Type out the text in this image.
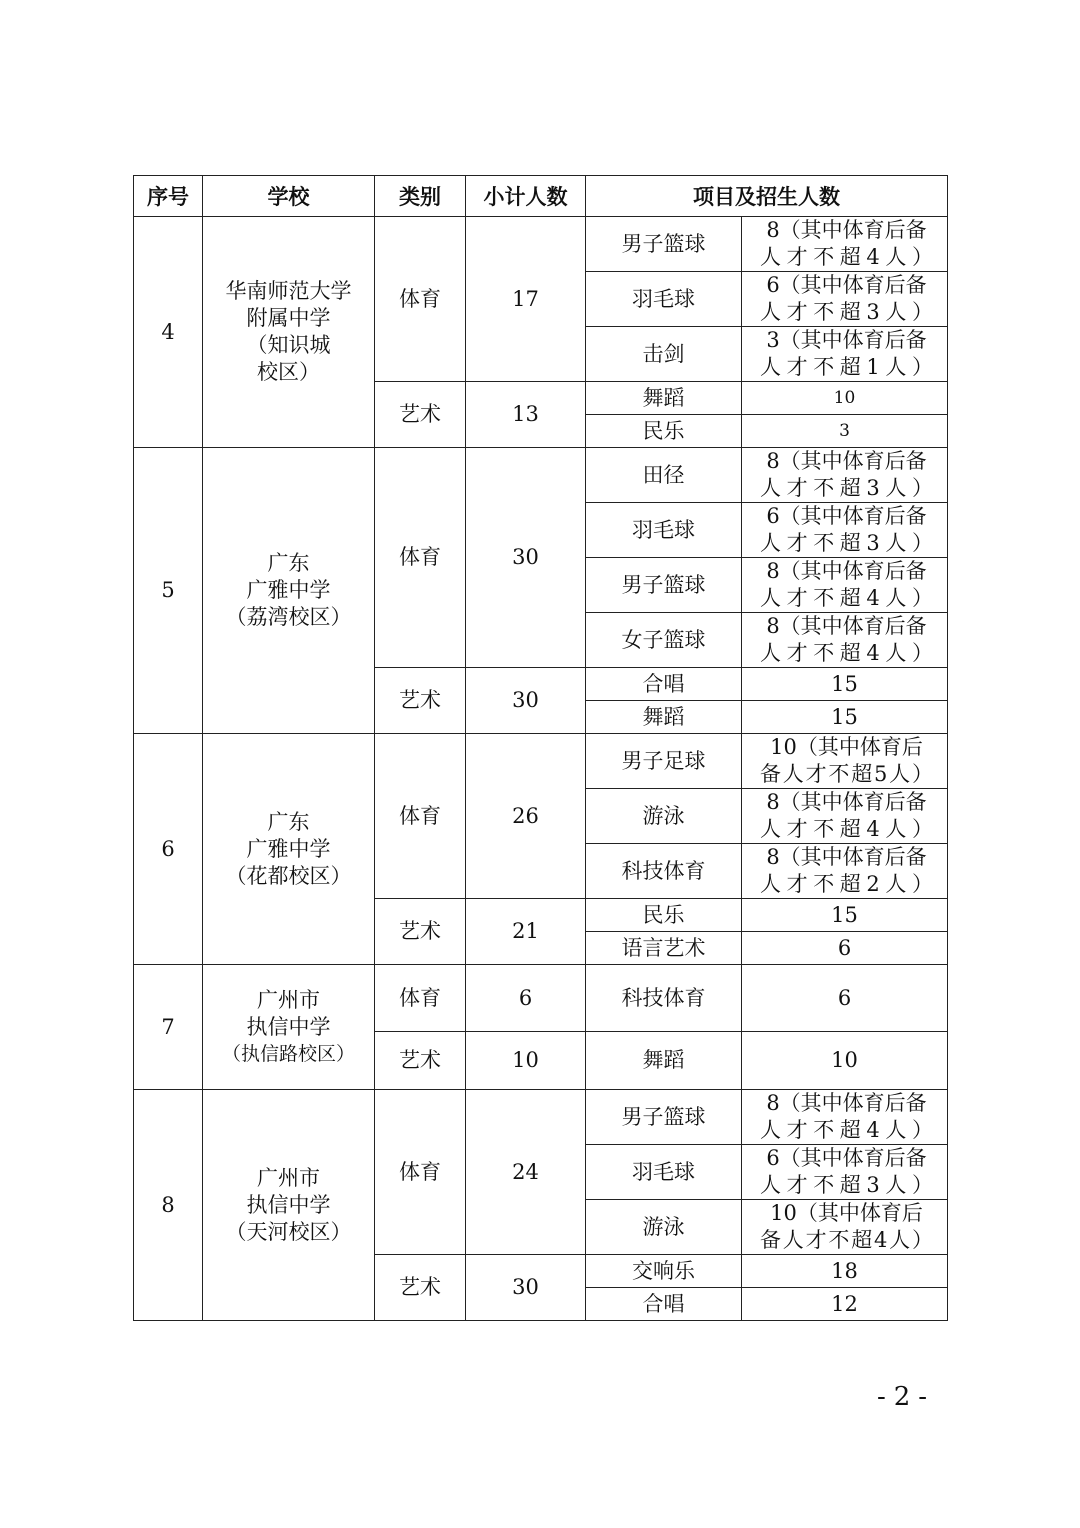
序号	学校	类别	小计人数	项目及招生人数	
4	华南师范大学
附属中学
（知识城
校区）	体育	17	男子篮球	8（其中体育后备人才不超4人）
				羽毛球	6（其中体育后备人才不超3人）
				击剑	3（其中体育后备人才不超1人）
		艺术	13	舞蹈	10
				民乐	3
5	广东
广雅中学
（荔湾校区）	体育	30	田径	8（其中体育后备人才不超3人）
				羽毛球	6（其中体育后备人才不超3人）
				男子篮球	8（其中体育后备人才不超4人）
				女子篮球	8（其中体育后备人才不超4人）
		艺术	30	合唱	15
				舞蹈	15
6	广东
广雅中学
（花都校区）	体育	26	男子足球	10（其中体育后备人才不超5人）
				游泳	8（其中体育后备人才不超4人）
				科技体育	8（其中体育后备人才不超2人）
		艺术	21	民乐	15
				语言艺术	6
7	广州市
执信中学
（执信路校区）	体育	6	科技体育	6
		艺术	10	舞蹈	10
8	广州市
执信中学
（天河校区）	体育	24	男子篮球	8（其中体育后备人才不超4人）
				羽毛球	6（其中体育后备人才不超3人）
				游泳	10（其中体育后备人才不超4人）
		艺术	30	交响乐	18
				合唱	12
-2-
